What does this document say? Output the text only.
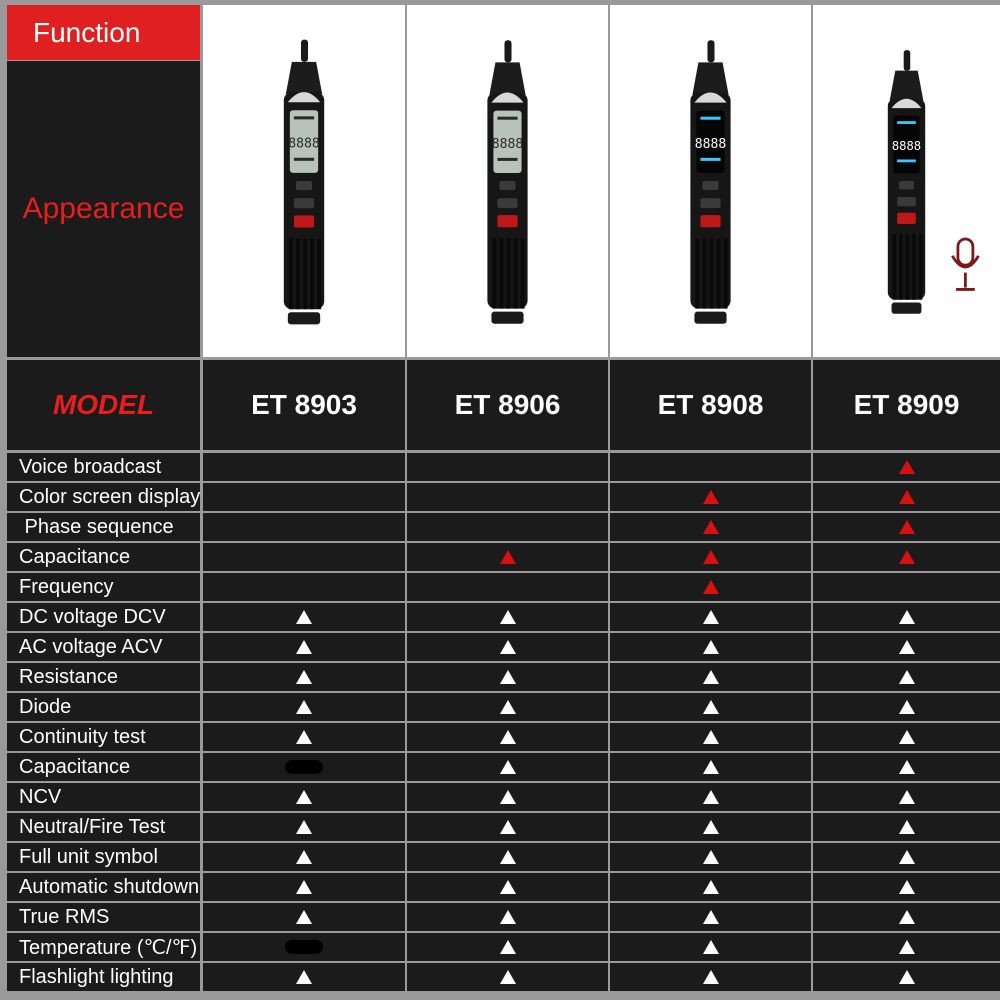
Function
Appearance
MODEL
8888
ET 8903
8888
ET 8906
8888
ET 8908
8888
ET 8909
Voice broadcast
Color screen display
Phase sequence
Capacitance
Frequency
DC voltage DCV
AC voltage ACV
Resistance
Diode
Continuity test
Capacitance
NCV
Neutral/Fire Test
Full unit symbol
Automatic shutdown
True RMS
Temperature (℃/℉)
Flashlight lighting
